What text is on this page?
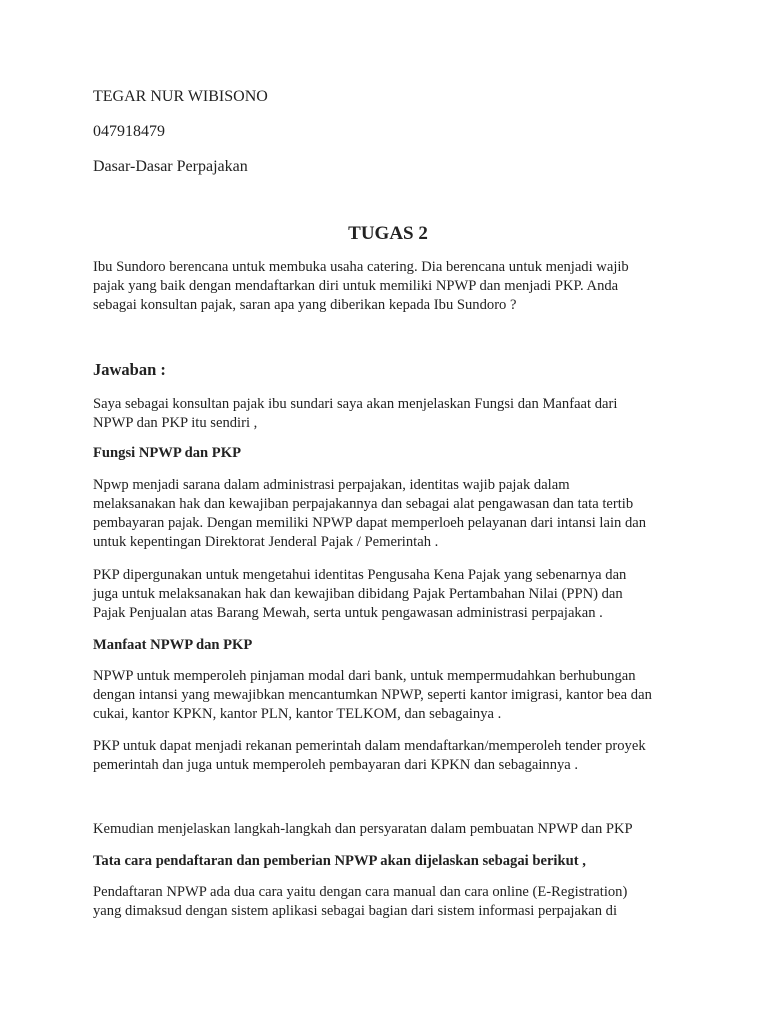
TEGAR NUR WIBISONO

047918479

Dasar-Dasar Perpajakan

TUGAS 2

Ibu Sundoro berencana untuk membuka usaha catering. Dia berencana untuk menjadi wajib pajak yang baik dengan mendaftarkan diri untuk memiliki NPWP dan menjadi PKP. Anda sebagai konsultan pajak, saran apa yang diberikan kepada Ibu Sundoro ?

Jawaban :

Saya sebagai konsultan pajak ibu sundari saya akan menjelaskan Fungsi dan Manfaat dari NPWP dan PKP itu sendiri ,

Fungsi NPWP dan PKP

Npwp menjadi sarana dalam administrasi perpajakan, identitas wajib pajak dalam melaksanakan hak dan kewajiban perpajakannya dan sebagai alat pengawasan dan tata tertib pembayaran pajak. Dengan memiliki NPWP dapat memperloeh pelayanan dari intansi lain dan untuk kepentingan Direktorat Jenderal Pajak / Pemerintah .

PKP dipergunakan untuk mengetahui identitas Pengusaha Kena Pajak yang sebenarnya dan juga untuk melaksanakan hak dan kewajiban dibidang Pajak Pertambahan Nilai (PPN) dan Pajak Penjualan atas Barang Mewah, serta untuk pengawasan administrasi perpajakan .

Manfaat NPWP dan PKP

NPWP untuk memperoleh pinjaman modal dari bank, untuk mempermudahkan berhubungan dengan intansi yang mewajibkan mencantumkan NPWP, seperti kantor imigrasi, kantor bea dan cukai, kantor KPKN, kantor PLN, kantor TELKOM, dan sebagainya .

PKP untuk dapat menjadi rekanan pemerintah dalam mendaftarkan/memperoleh tender proyek pemerintah dan juga untuk memperoleh pembayaran dari KPKN dan sebagainnya .

Kemudian menjelaskan langkah-langkah dan persyaratan dalam pembuatan NPWP dan PKP

Tata cara pendaftaran dan pemberian NPWP akan dijelaskan sebagai berikut ,

Pendaftaran NPWP ada dua cara yaitu dengan cara manual dan cara online (E-Registration) yang dimaksud dengan sistem aplikasi sebagai bagian dari sistem informasi perpajakan di
